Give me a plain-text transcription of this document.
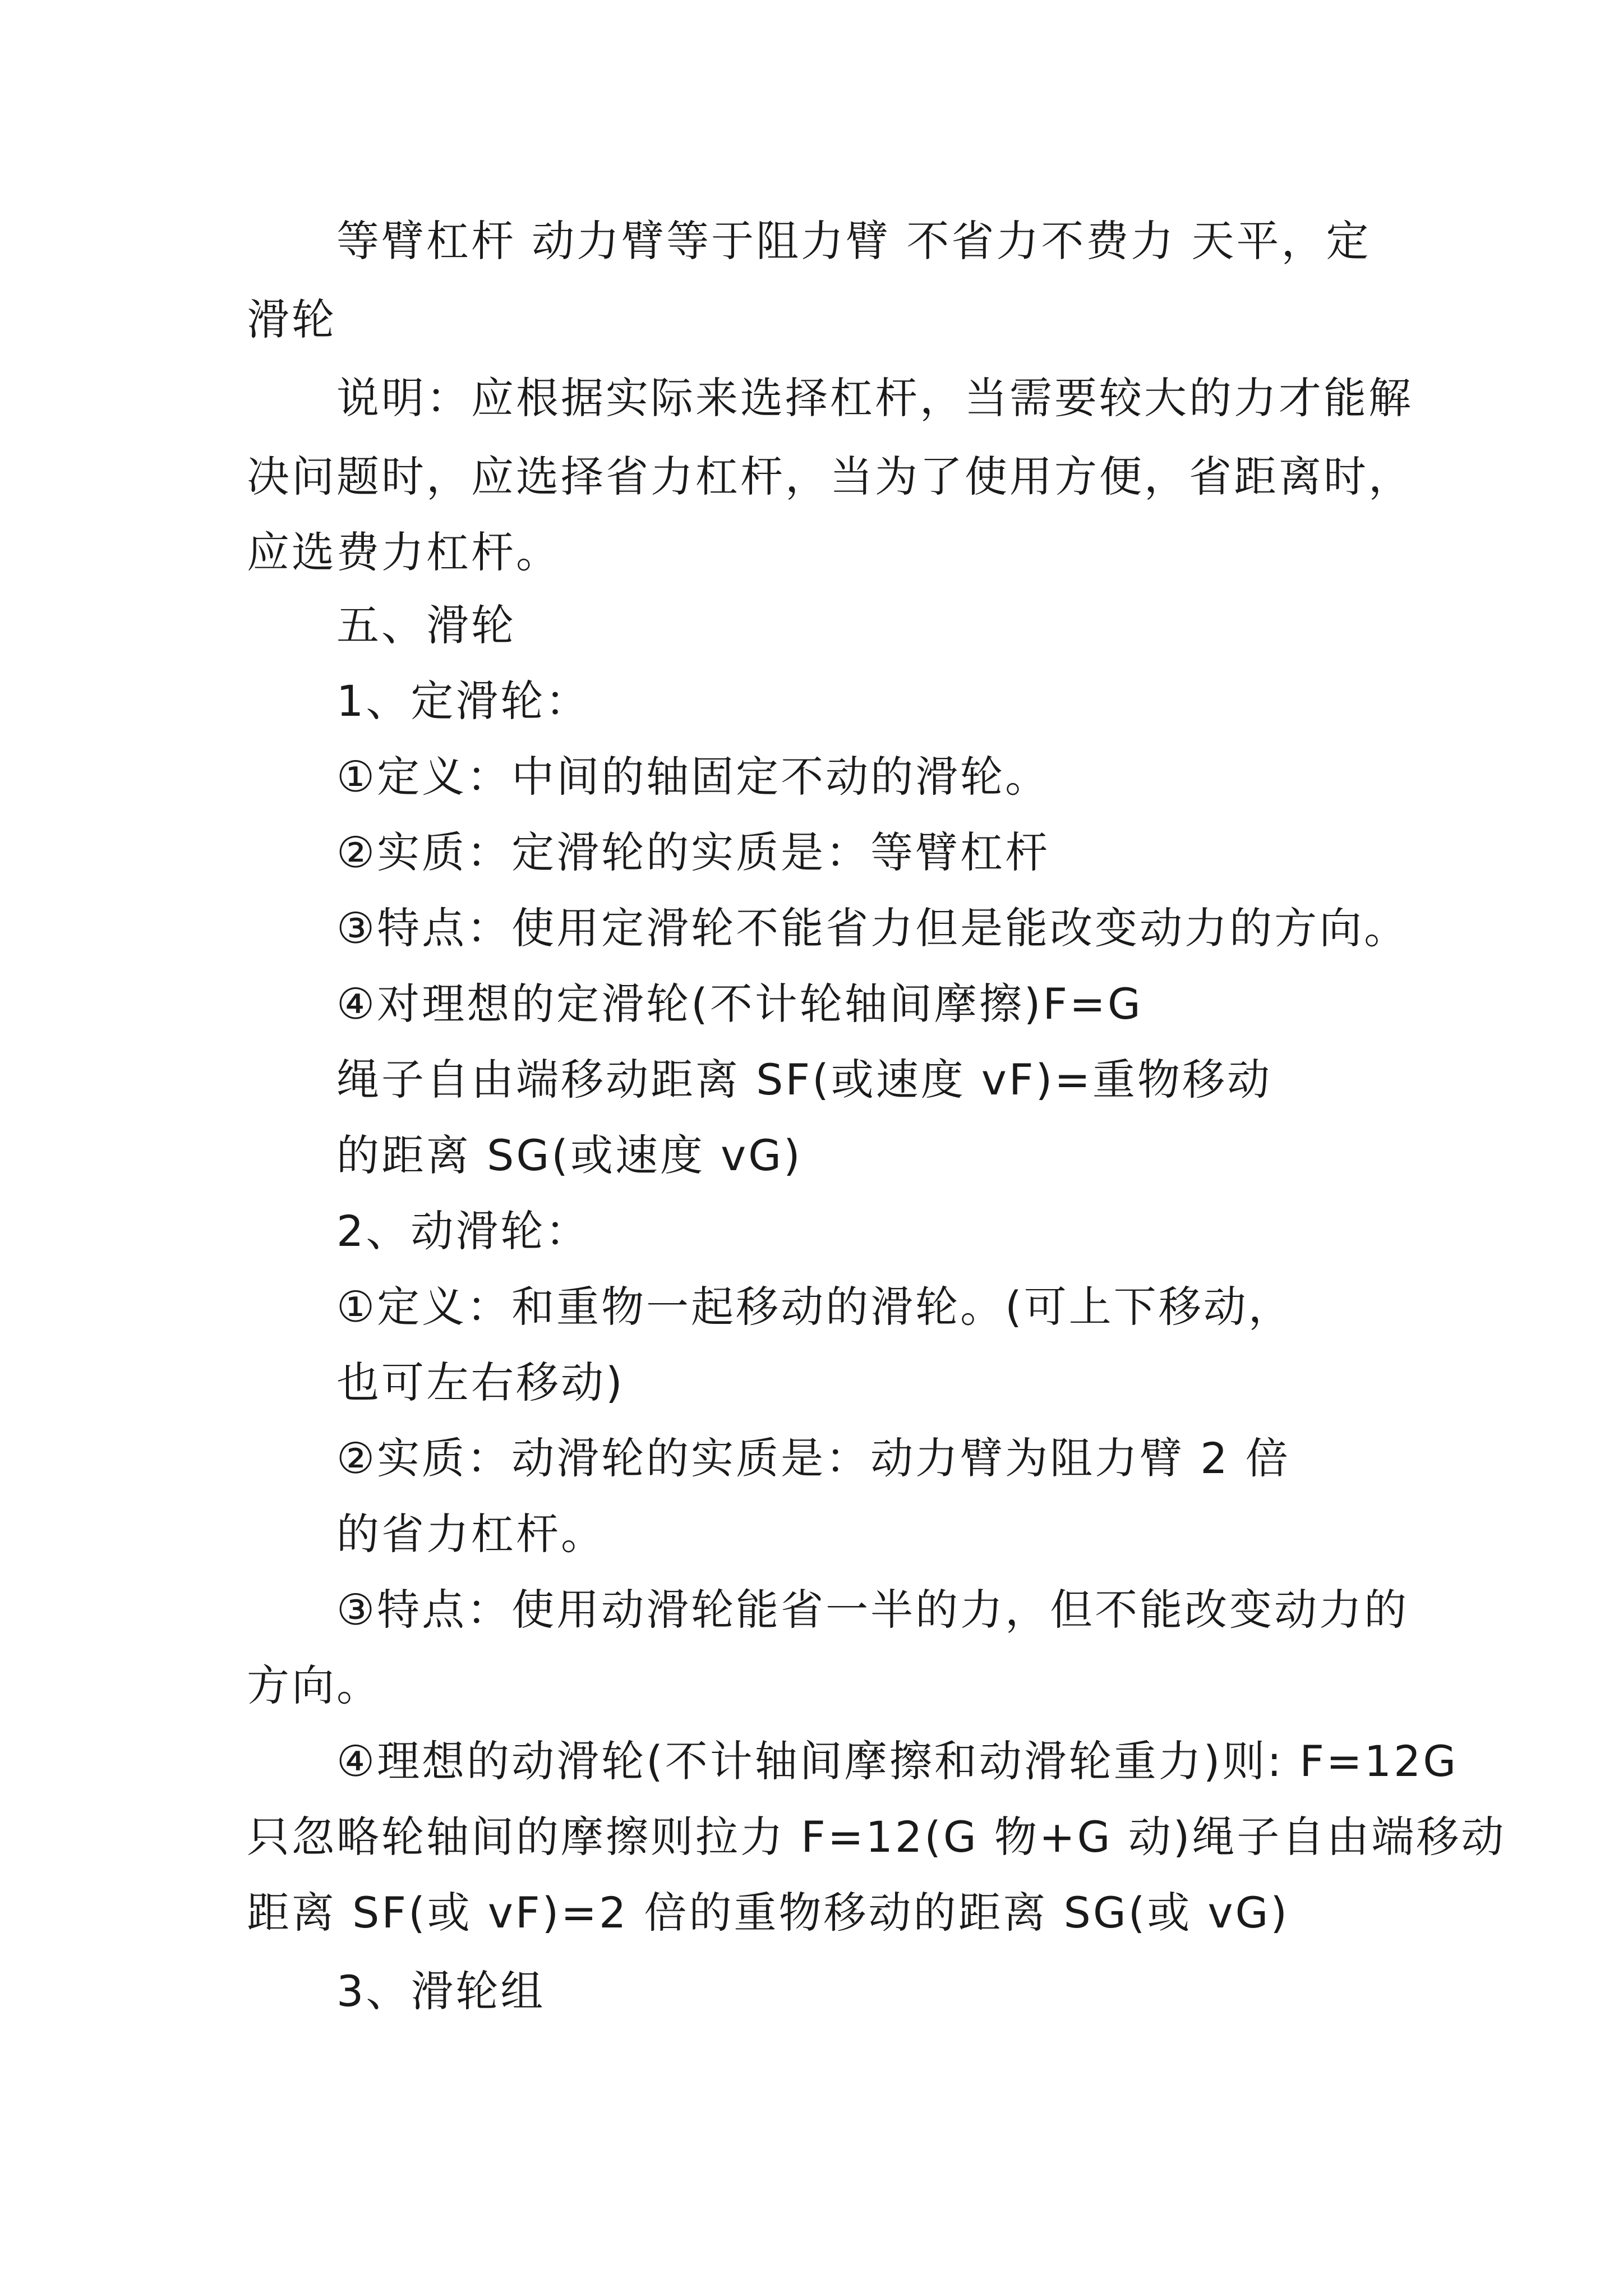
等臂杠杆 动力臂等于阻力臂 不省力不费力 天平，定
滑轮
说明：应根据实际来选择杠杆，当需要较大的力才能解
决问题时，应选择省力杠杆，当为了使用方便，省距离时，
应选费力杠杆。
五、滑轮
1、定滑轮：
①定义：中间的轴固定不动的滑轮。
②实质：定滑轮的实质是：等臂杠杆
③特点：使用定滑轮不能省力但是能改变动力的方向。
④对理想的定滑轮(不计轮轴间摩擦)F=G
绳子自由端移动距离 SF(或速度 vF)=重物移动
的距离 SG(或速度 vG)
2、动滑轮：
①定义：和重物一起移动的滑轮。(可上下移动，
也可左右移动)
②实质：动滑轮的实质是：动力臂为阻力臂 2 倍
的省力杠杆。
③特点：使用动滑轮能省一半的力，但不能改变动力的
方向。
④理想的动滑轮(不计轴间摩擦和动滑轮重力)则: F=12G
只忽略轮轴间的摩擦则拉力 F=12(G 物+G 动)绳子自由端移动
距离 SF(或 vF)=2 倍的重物移动的距离 SG(或 vG)
3、滑轮组
